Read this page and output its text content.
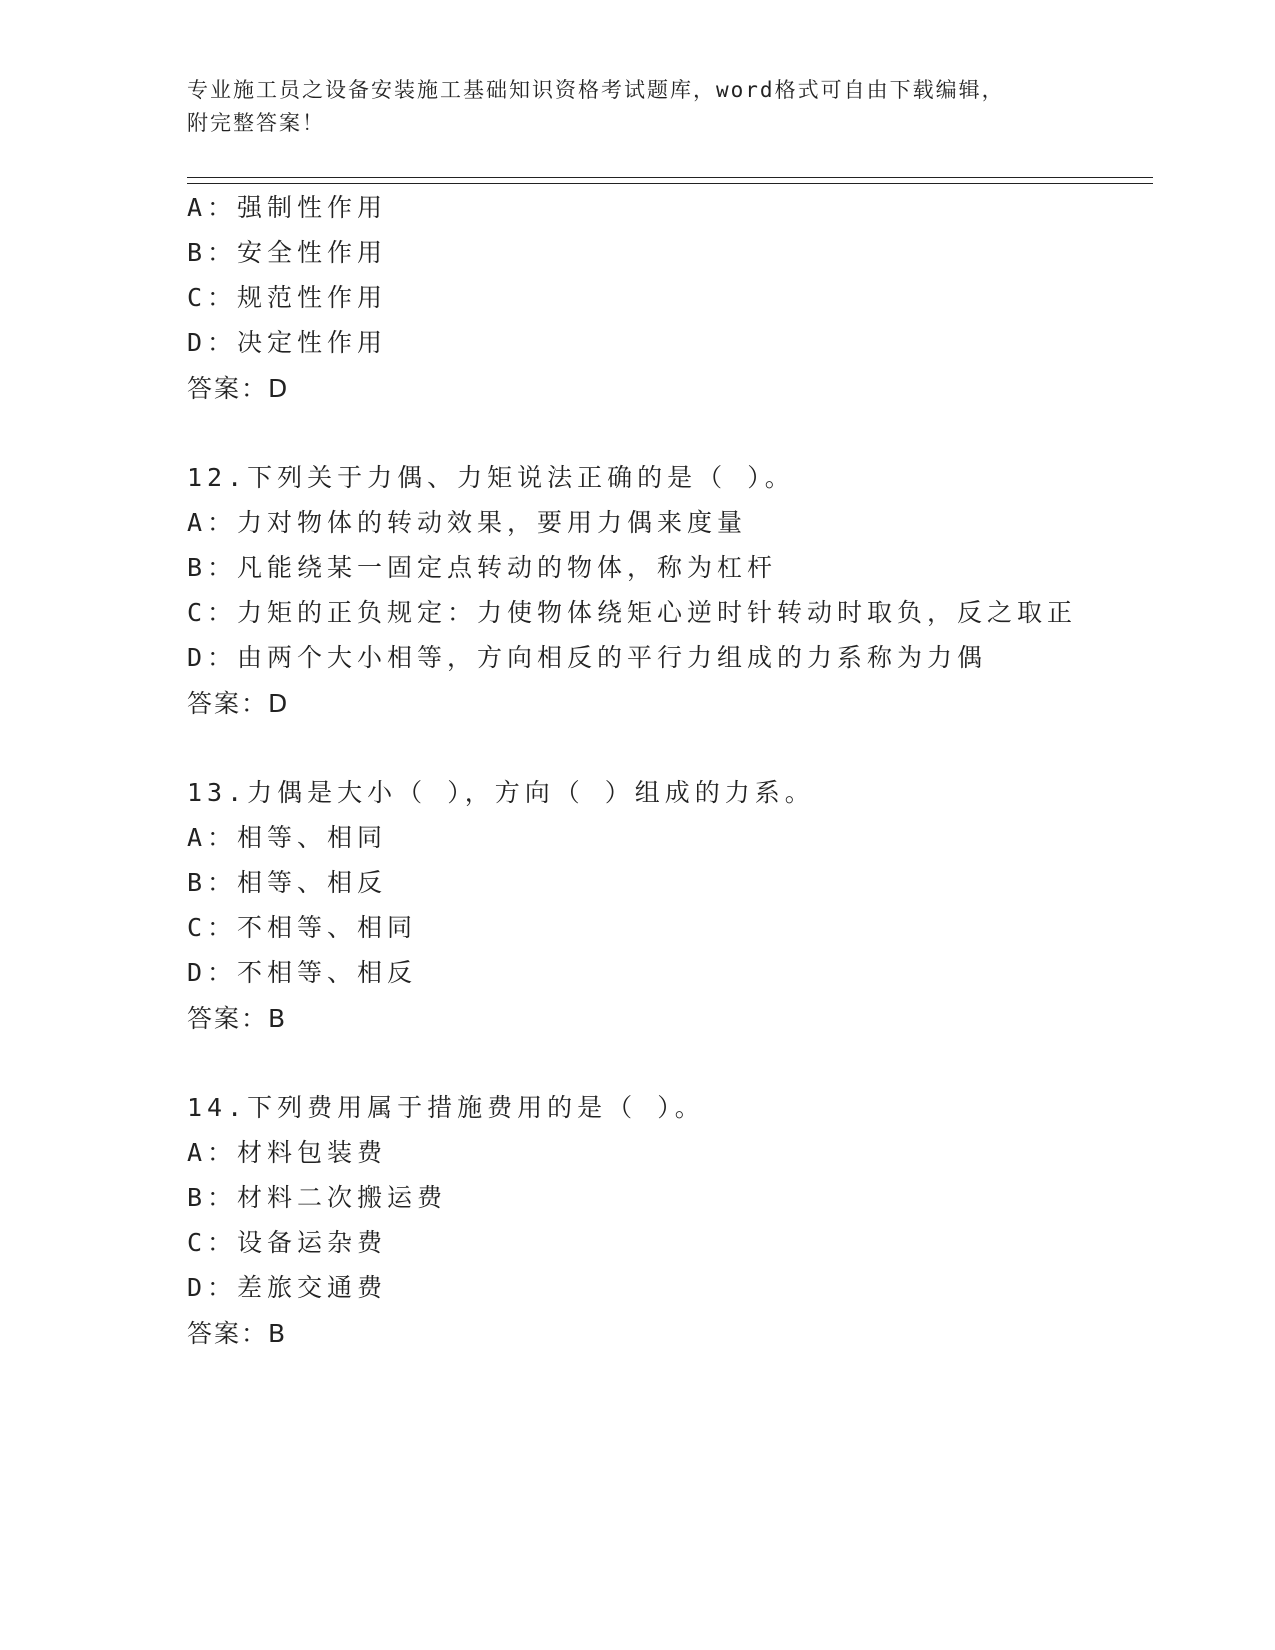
专业施工员之设备安装施工基础知识资格考试题库，word格式可自由下载编辑，
附完整答案！
A：强制性作用
B：安全性作用
C：规范性作用
D：决定性作用
答案：D
12.下列关于力偶、力矩说法正确的是（ ）。
A：力对物体的转动效果，要用力偶来度量
B：凡能绕某一固定点转动的物体，称为杠杆
C：力矩的正负规定：力使物体绕矩心逆时针转动时取负，反之取正
D：由两个大小相等，方向相反的平行力组成的力系称为力偶
答案：D
13.力偶是大小（ ），方向（ ）组成的力系。
A：相等、相同
B：相等、相反
C：不相等、相同
D：不相等、相反
答案：B
14.下列费用属于措施费用的是（ ）。
A：材料包装费
B：材料二次搬运费
C：设备运杂费
D：差旅交通费
答案：B
